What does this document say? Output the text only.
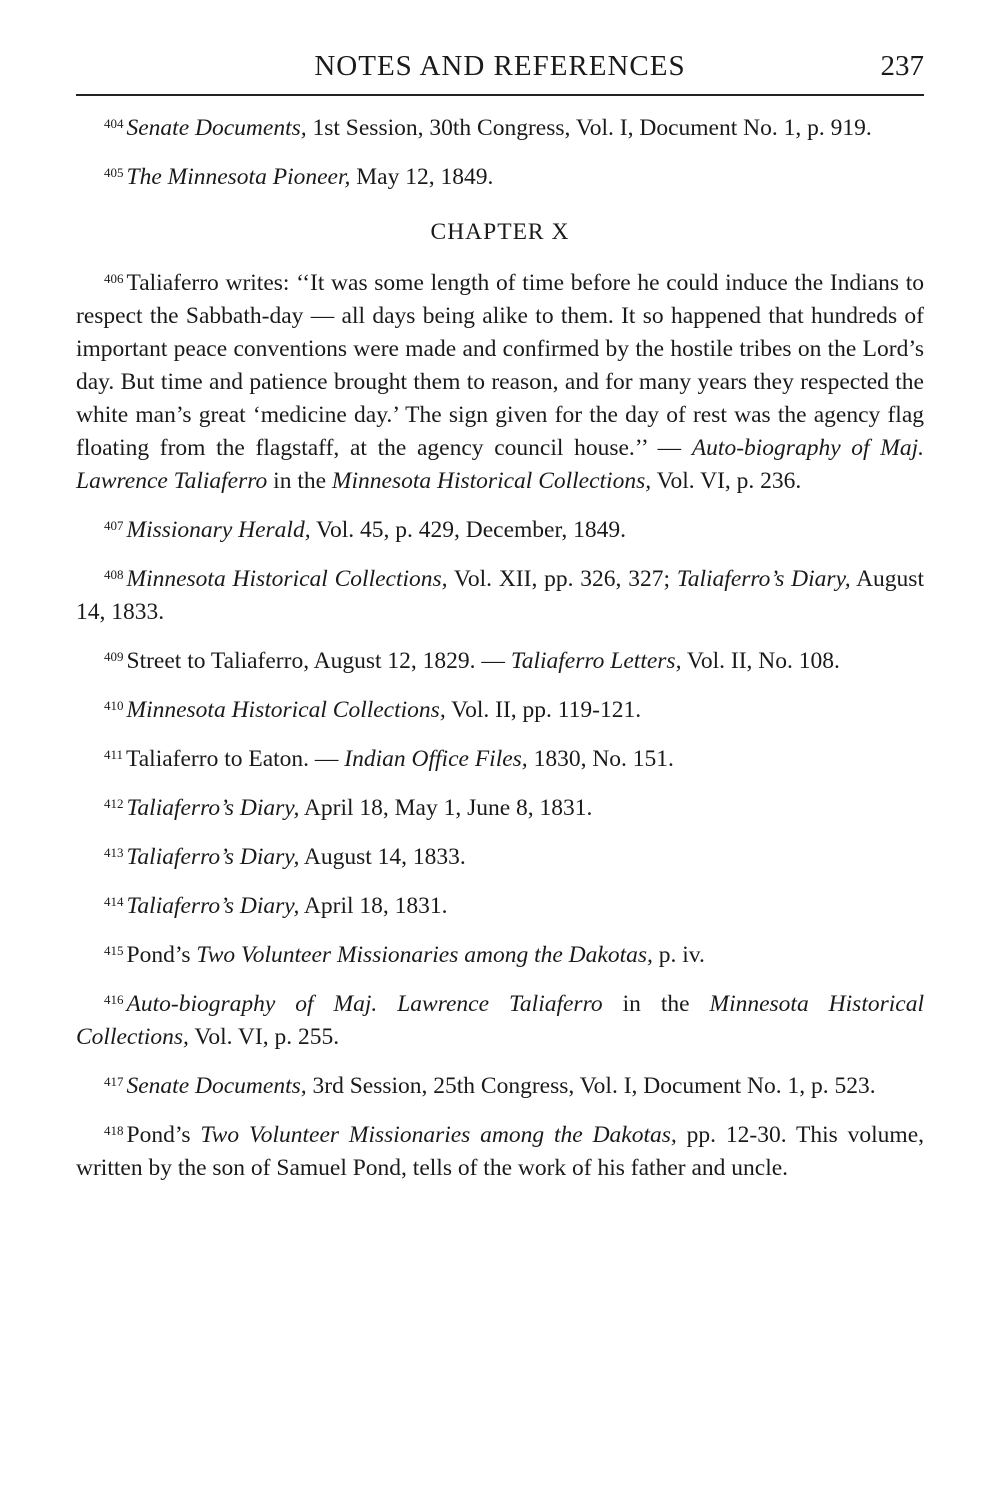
NOTES AND REFERENCES	237

$^{404}$ Senate Documents, 1st Session, 30th Congress, Vol. I, Document No. 1, p. 919.

$^{405}$ The Minnesota Pioneer, May 12, 1849.

CHAPTER X

$^{406}$ Taliaferro writes: ‘‘It was some length of time before he could induce the Indians to respect the Sabbath-day — all days being alike to them. It so happened that hundreds of important peace conventions were made and confirmed by the hostile tribes on the Lord’s day. But time and patience brought them to reason, and for many years they respected the white man’s great ‘medicine day.’ The sign given for the day of rest was the agency flag floating from the flagstaff, at the agency council house.’’ — Auto-biography of Maj. Lawrence Taliaferro in the Minnesota Historical Collections, Vol. VI, p. 236.

$^{407}$ Missionary Herald, Vol. 45, p. 429, December, 1849.

$^{408}$ Minnesota Historical Collections, Vol. XII, pp. 326, 327; Taliaferro’s Diary, August 14, 1833.

$^{409}$ Street to Taliaferro, August 12, 1829. — Taliaferro Letters, Vol. II, No. 108.

$^{410}$ Minnesota Historical Collections, Vol. II, pp. 119-121.

$^{411}$ Taliaferro to Eaton. — Indian Office Files, 1830, No. 151.

$^{412}$ Taliaferro’s Diary, April 18, May 1, June 8, 1831.

$^{413}$ Taliaferro’s Diary, August 14, 1833.

$^{414}$ Taliaferro’s Diary, April 18, 1831.

$^{415}$ Pond’s Two Volunteer Missionaries among the Dakotas, p. iv.

$^{416}$ Auto-biography of Maj. Lawrence Taliaferro in the Minnesota Historical Collections, Vol. VI, p. 255.

$^{417}$ Senate Documents, 3rd Session, 25th Congress, Vol. I, Document No. 1, p. 523.

$^{418}$ Pond’s Two Volunteer Missionaries among the Dakotas, pp. 12-30. This volume, written by the son of Samuel Pond, tells of the work of his father and uncle.
